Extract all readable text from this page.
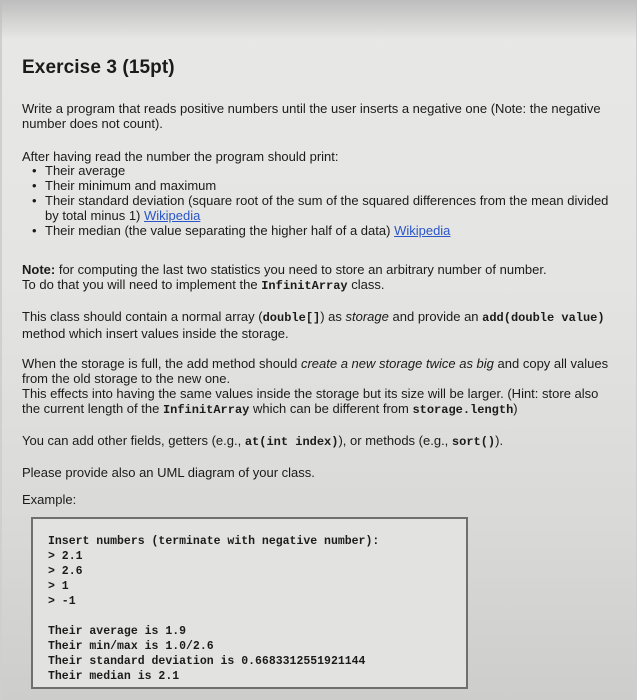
Exercise 3 (15pt)

Write a program that reads positive numbers until the user inserts a negative one (Note: the negative number does not count).

After having read the number the program should print:

• Their average
• Their minimum and maximum
• Their standard deviation (square root of the sum of the squared differences from the mean divided by total minus 1) Wikipedia
• Their median (the value separating the higher half of a data) Wikipedia

Note: for computing the last two statistics you need to store an arbitrary number of number.
To do that you will need to implement the InfinitArray class.

This class should contain a normal array (double[]) as storage and provide an add(double value) method which insert values inside the storage.

When the storage is full, the add method should create a new storage twice as big and copy all values from the old storage to the new one.
This effects into having the same values inside the storage but its size will be larger. (Hint: store also the current length of the InfinitArray which can be different from storage.length)

You can add other fields, getters (e.g., at(int index)), or methods (e.g., sort()).

Please provide also an UML diagram of your class.

Example:

Insert numbers (terminate with negative number):
> 2.1
> 2.6
> 1
> -1

Their average is 1.9
Their min/max is 1.0/2.6
Their standard deviation is 0.6683312551921144
Their median is 2.1
